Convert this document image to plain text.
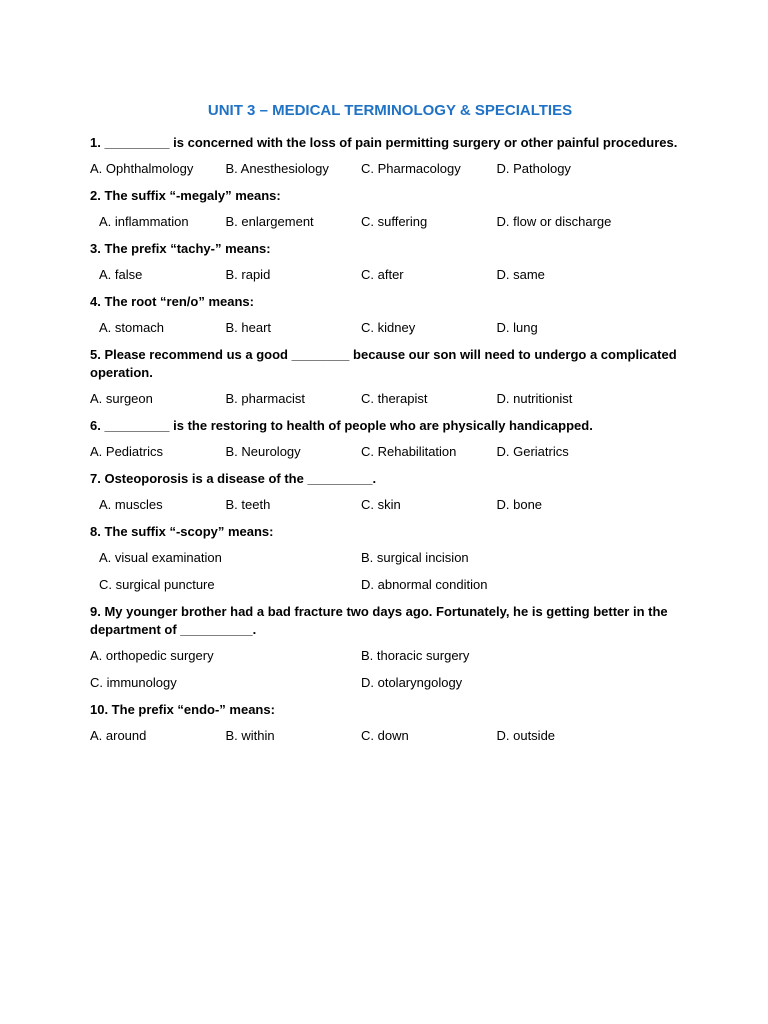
UNIT 3 – MEDICAL TERMINOLOGY & SPECIALTIES
1. _________ is concerned with the loss of pain permitting surgery or other painful procedures.
A. Ophthalmology	B. Anesthesiology	C. Pharmacology	D. Pathology
2. The suffix “-megaly” means:
A. inflammation	B. enlargement	C. suffering	D. flow or discharge
3. The prefix “tachy-” means:
A. false	B. rapid	C. after	D. same
4. The root “ren/o” means:
A. stomach	B. heart	C. kidney	D. lung
5. Please recommend us a good ________ because our son will need to undergo a complicated operation.
A. surgeon	B. pharmacist	C. therapist	D. nutritionist
6. _________ is the restoring to health of people who are physically handicapped.
A. Pediatrics	B. Neurology	C. Rehabilitation	D. Geriatrics
7. Osteoporosis is a disease of the _________.
A. muscles	B. teeth	C. skin	D. bone
8. The suffix “-scopy” means:
A. visual examination	B. surgical incision
C. surgical puncture	D. abnormal condition
9. My younger brother had a bad fracture two days ago. Fortunately, he is getting better in the department of __________.
A. orthopedic surgery	B. thoracic surgery
C. immunology	D. otolaryngology
10. The prefix “endo-” means:
A. around	B. within	C. down	D. outside
